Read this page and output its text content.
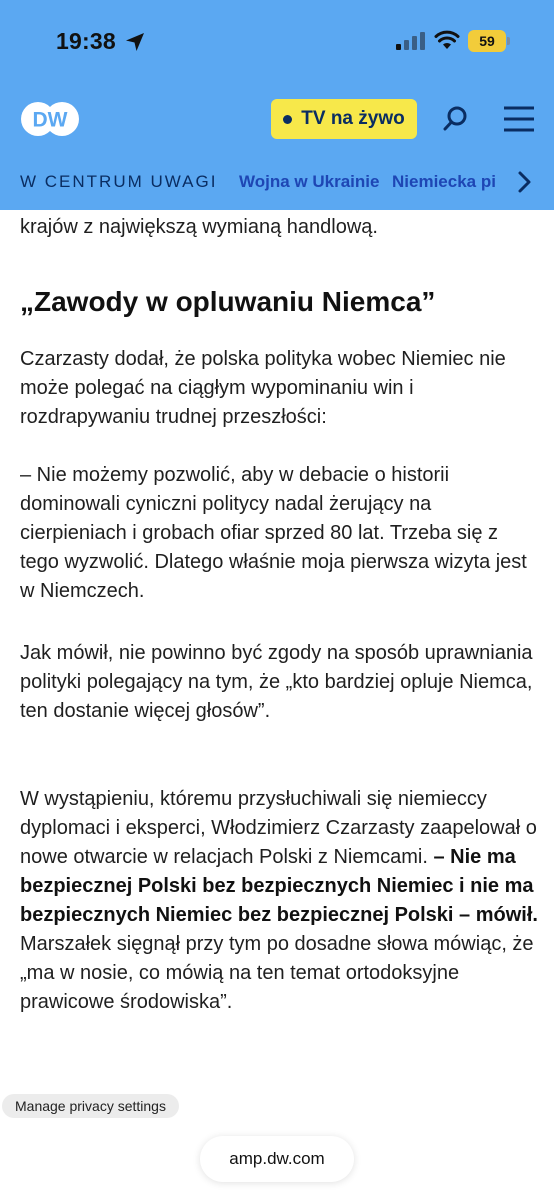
19:38	59
DW	TV na żywo
W CENTRUM UWAGI Wojna w Ukrainie Niemiecka pi

krajów z największą wymianą handlową.

„Zawody w opluwaniu Niemca”

Czarzasty dodał, że polska polityka wobec Niemiec nie może polegać na ciągłym wypominaniu win i rozdrapywaniu trudnej przeszłości:

– Nie możemy pozwolić, aby w debacie o historii dominowali cyniczni politycy nadal żerujący na cierpieniach i grobach ofiar sprzed 80 lat. Trzeba się z tego wyzwolić. Dlatego właśnie moja pierwsza wizyta jest w Niemczech.

Jak mówił, nie powinno być zgody na sposób uprawniania polityki polegający na tym, że „kto bardziej opluje Niemca, ten dostanie więcej głosów”.

W wystąpieniu, któremu przysłuchiwali się niemieccy dyplomaci i eksperci, Włodzimierz Czarzasty zaapelował o nowe otwarcie w relacjach Polski z Niemcami. – Nie ma bezpiecznej Polski bez bezpiecznych Niemiec i nie ma bezpiecznych Niemiec bez bezpiecznej Polski – mówił. Marszałek sięgnął przy tym po dosadne słowa mówiąc, że „ma w nosie, co mówią na ten temat ortodoksyjne prawicowe środowiska”.

Manage privacy settings
amp.dw.com
